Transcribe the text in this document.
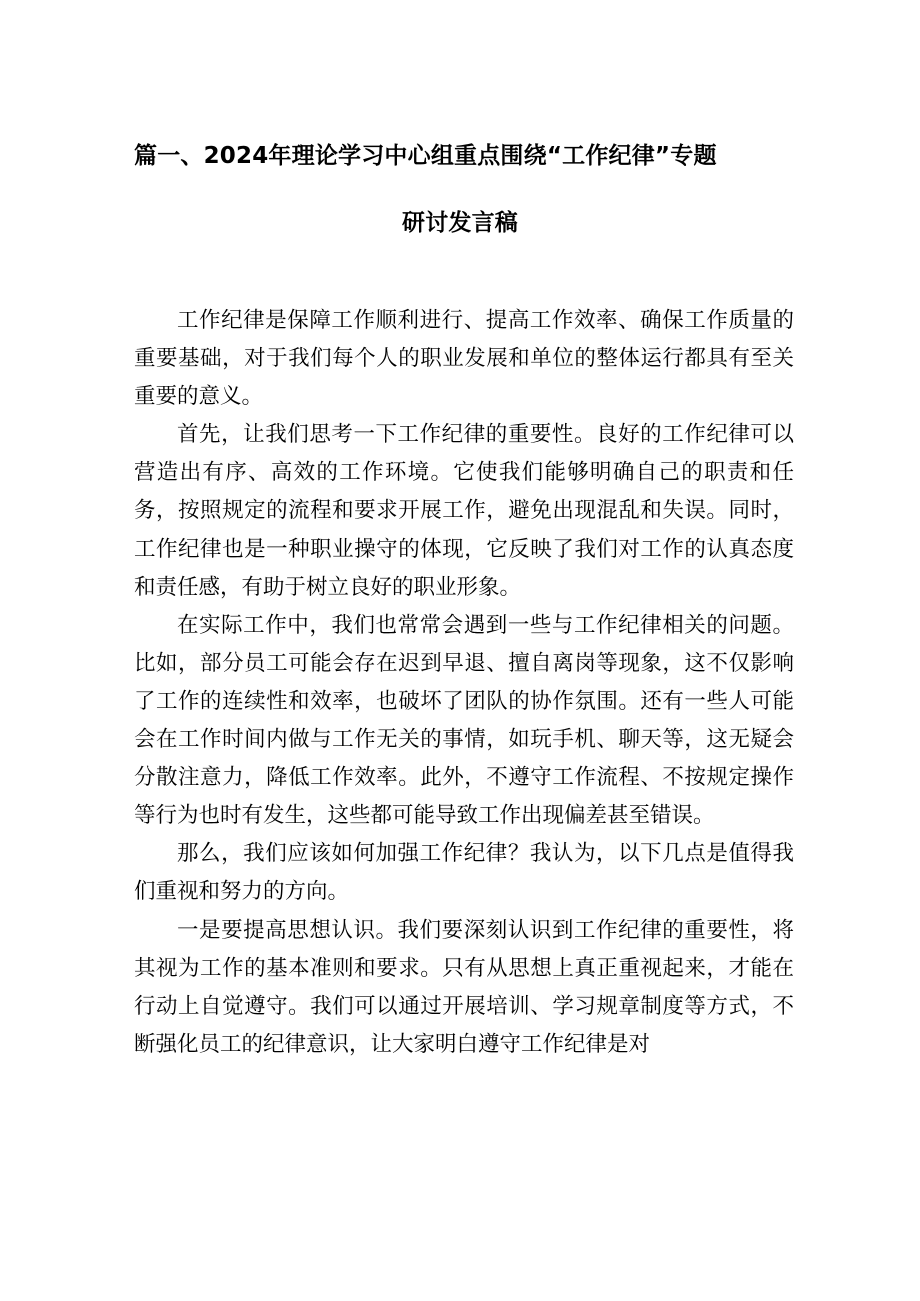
篇一、2024年理论学习中心组重点围绕“工作纪律”专题
研讨发言稿

工作纪律是保障工作顺利进行、提高工作效率、确保工作质量的重要基础，对于我们每个人的职业发展和单位的整体运行都具有至关重要的意义。

首先，让我们思考一下工作纪律的重要性。良好的工作纪律可以营造出有序、高效的工作环境。它使我们能够明确自己的职责和任务，按照规定的流程和要求开展工作，避免出现混乱和失误。同时，工作纪律也是一种职业操守的体现，它反映了我们对工作的认真态度和责任感，有助于树立良好的职业形象。

在实际工作中，我们也常常会遇到一些与工作纪律相关的问题。比如，部分员工可能会存在迟到早退、擅自离岗等现象，这不仅影响了工作的连续性和效率，也破坏了团队的协作氛围。还有一些人可能会在工作时间内做与工作无关的事情，如玩手机、聊天等，这无疑会分散注意力，降低工作效率。此外，不遵守工作流程、不按规定操作等行为也时有发生，这些都可能导致工作出现偏差甚至错误。

那么，我们应该如何加强工作纪律？我认为，以下几点是值得我们重视和努力的方向。

一是要提高思想认识。我们要深刻认识到工作纪律的重要性，将其视为工作的基本准则和要求。只有从思想上真正重视起来，才能在行动上自觉遵守。我们可以通过开展培训、学习规章制度等方式，不断强化员工的纪律意识，让大家明白遵守工作纪律是对
